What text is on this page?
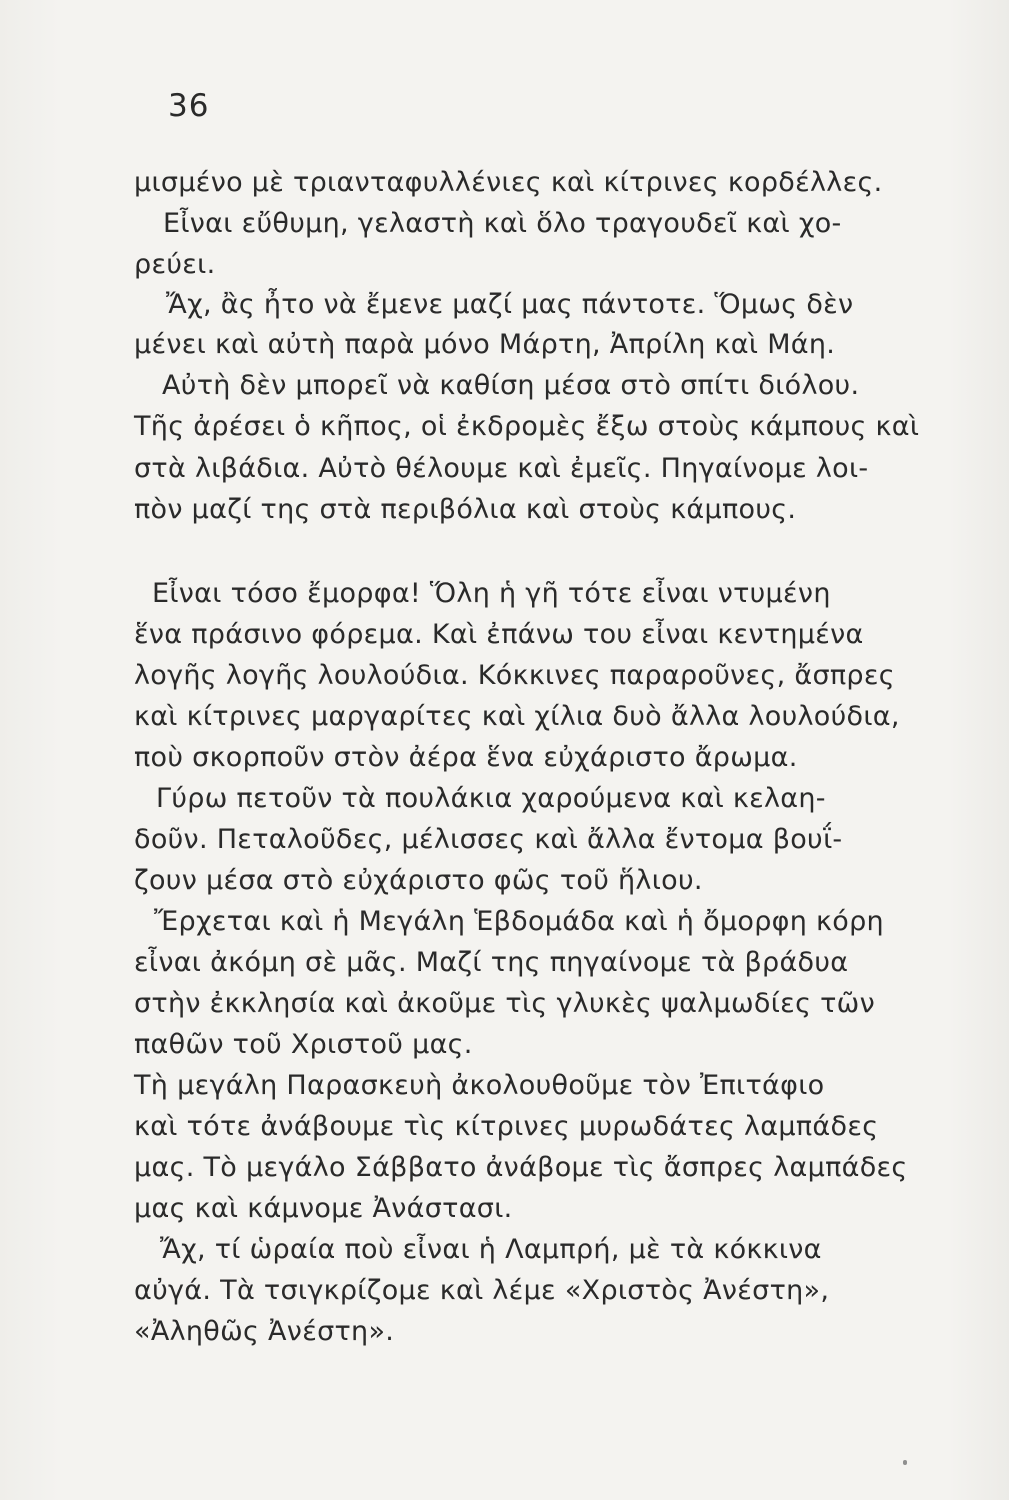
36
μισμένο μὲ τριανταφυλλένιες καὶ κίτρινες κορδέλλες.
Εἶναι εὔθυμη, γελαστὴ καὶ ὅλο τραγουδεῖ καὶ χο-
ρεύει.
Ἄχ, ἂς ἦτο νὰ ἔμενε μαζί μας πάντοτε. Ὅμως δὲν
μένει καὶ αὐτὴ παρὰ μόνο Μάρτη, Ἀπρίλη καὶ Μάη.
Αὐτὴ δὲν μπορεῖ νὰ καθίση μέσα στὸ σπίτι διόλου.
Τῆς ἀρέσει ὁ κῆπος, οἱ ἐκδρομὲς ἔξω στοὺς κάμπους καὶ
στὰ λιβάδια. Αὐτὸ θέλουμε καὶ ἐμεῖς. Πηγαίνομε λοι-
πὸν μαζί της στὰ περιβόλια καὶ στοὺς κάμπους.
Εἶναι τόσο ἔμορφα! Ὅλη ἡ γῆ τότε εἶναι ντυμένη
ἕνα πράσινο φόρεμα. Καὶ ἐπάνω του εἶναι κεντημένα
λογῆς λογῆς λουλούδια. Κόκκινες παραροῦνες, ἄσπρες
καὶ κίτρινες μαργαρίτες καὶ χίλια δυὸ ἄλλα λουλούδια,
ποὺ σκορποῦν στὸν ἀέρα ἕνα εὐχάριστο ἄρωμα.
Γύρω πετοῦν τὰ πουλάκια χαρούμενα καὶ κελαη-
δοῦν. Πεταλοῦδες, μέλισσες καὶ ἄλλα ἔντομα βουΐ-
ζουν μέσα στὸ εὐχάριστο φῶς τοῦ ἥλιου.
Ἔρχεται καὶ ἡ Μεγάλη Ἑβδομάδα καὶ ἡ ὄμορφη κόρη
εἶναι ἀκόμη σὲ μᾶς. Μαζί της πηγαίνομε τὰ βράδυα
στὴν ἐκκλησία καὶ ἀκοῦμε τὶς γλυκὲς ψαλμωδίες τῶν
παθῶν τοῦ Χριστοῦ μας.
Τὴ μεγάλη Παρασκευὴ ἀκολουθοῦμε τὸν Ἐπιτάφιο
καὶ τότε ἀνάβουμε τὶς κίτρινες μυρωδάτες λαμπάδες
μας. Τὸ μεγάλο Σάββατο ἀνάβομε τὶς ἄσπρες λαμπάδες
μας καὶ κάμνομε Ἀνάστασι.
Ἄχ, τί ὡραία ποὺ εἶναι ἡ Λαμπρή, μὲ τὰ κόκκινα
αὐγά. Τὰ τσιγκρίζομε καὶ λέμε «Χριστὸς Ἀνέστη»,
«Ἀληθῶς Ἀνέστη».
